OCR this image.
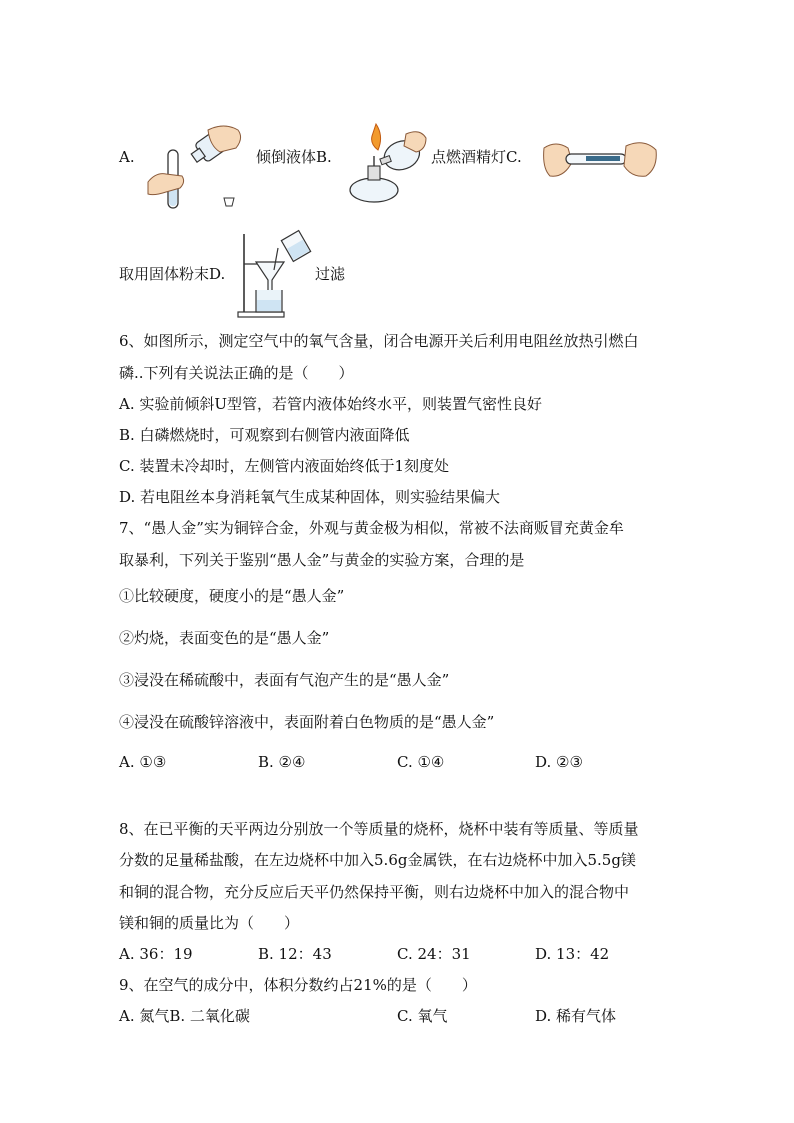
A.	倾倒液体B.	点燃酒精灯C.
取用固体粉末D.	过滤
6、如图所示，测定空气中的氧气含量，闭合电源开关后利用电阻丝放热引燃白
磷..下列有关说法正确的是（　　）
A. 实验前倾斜U型管，若管内液体始终水平，则装置气密性良好
B. 白磷燃烧时，可观察到右侧管内液面降低
C. 装置未冷却时，左侧管内液面始终低于1刻度处
D. 若电阻丝本身消耗氧气生成某种固体，则实验结果偏大
7、“愚人金”实为铜锌合金，外观与黄金极为相似，常被不法商贩冒充黄金牟
取暴利，下列关于鉴别“愚人金”与黄金的实验方案，合理的是
①比较硬度，硬度小的是“愚人金”
②灼烧，表面变色的是“愚人金”
③浸没在稀硫酸中，表面有气泡产生的是“愚人金”
④浸没在硫酸锌溶液中，表面附着白色物质的是“愚人金”
A. ①③	B. ②④	C. ①④	D. ②③
8、在已平衡的天平两边分别放一个等质量的烧杯，烧杯中装有等质量、等质量
分数的足量稀盐酸，在左边烧杯中加入5.6g金属铁，在右边烧杯中加入5.5g镁
和铜的混合物，充分反应后天平仍然保持平衡，则右边烧杯中加入的混合物中
镁和铜的质量比为（　　）
A. 36：19	B. 12：43	C. 24：31	D. 13：42
9、在空气的成分中，体积分数约占21%的是（　　）
A. 氮气B. 二氧化碳	C. 氧气	D. 稀有气体
